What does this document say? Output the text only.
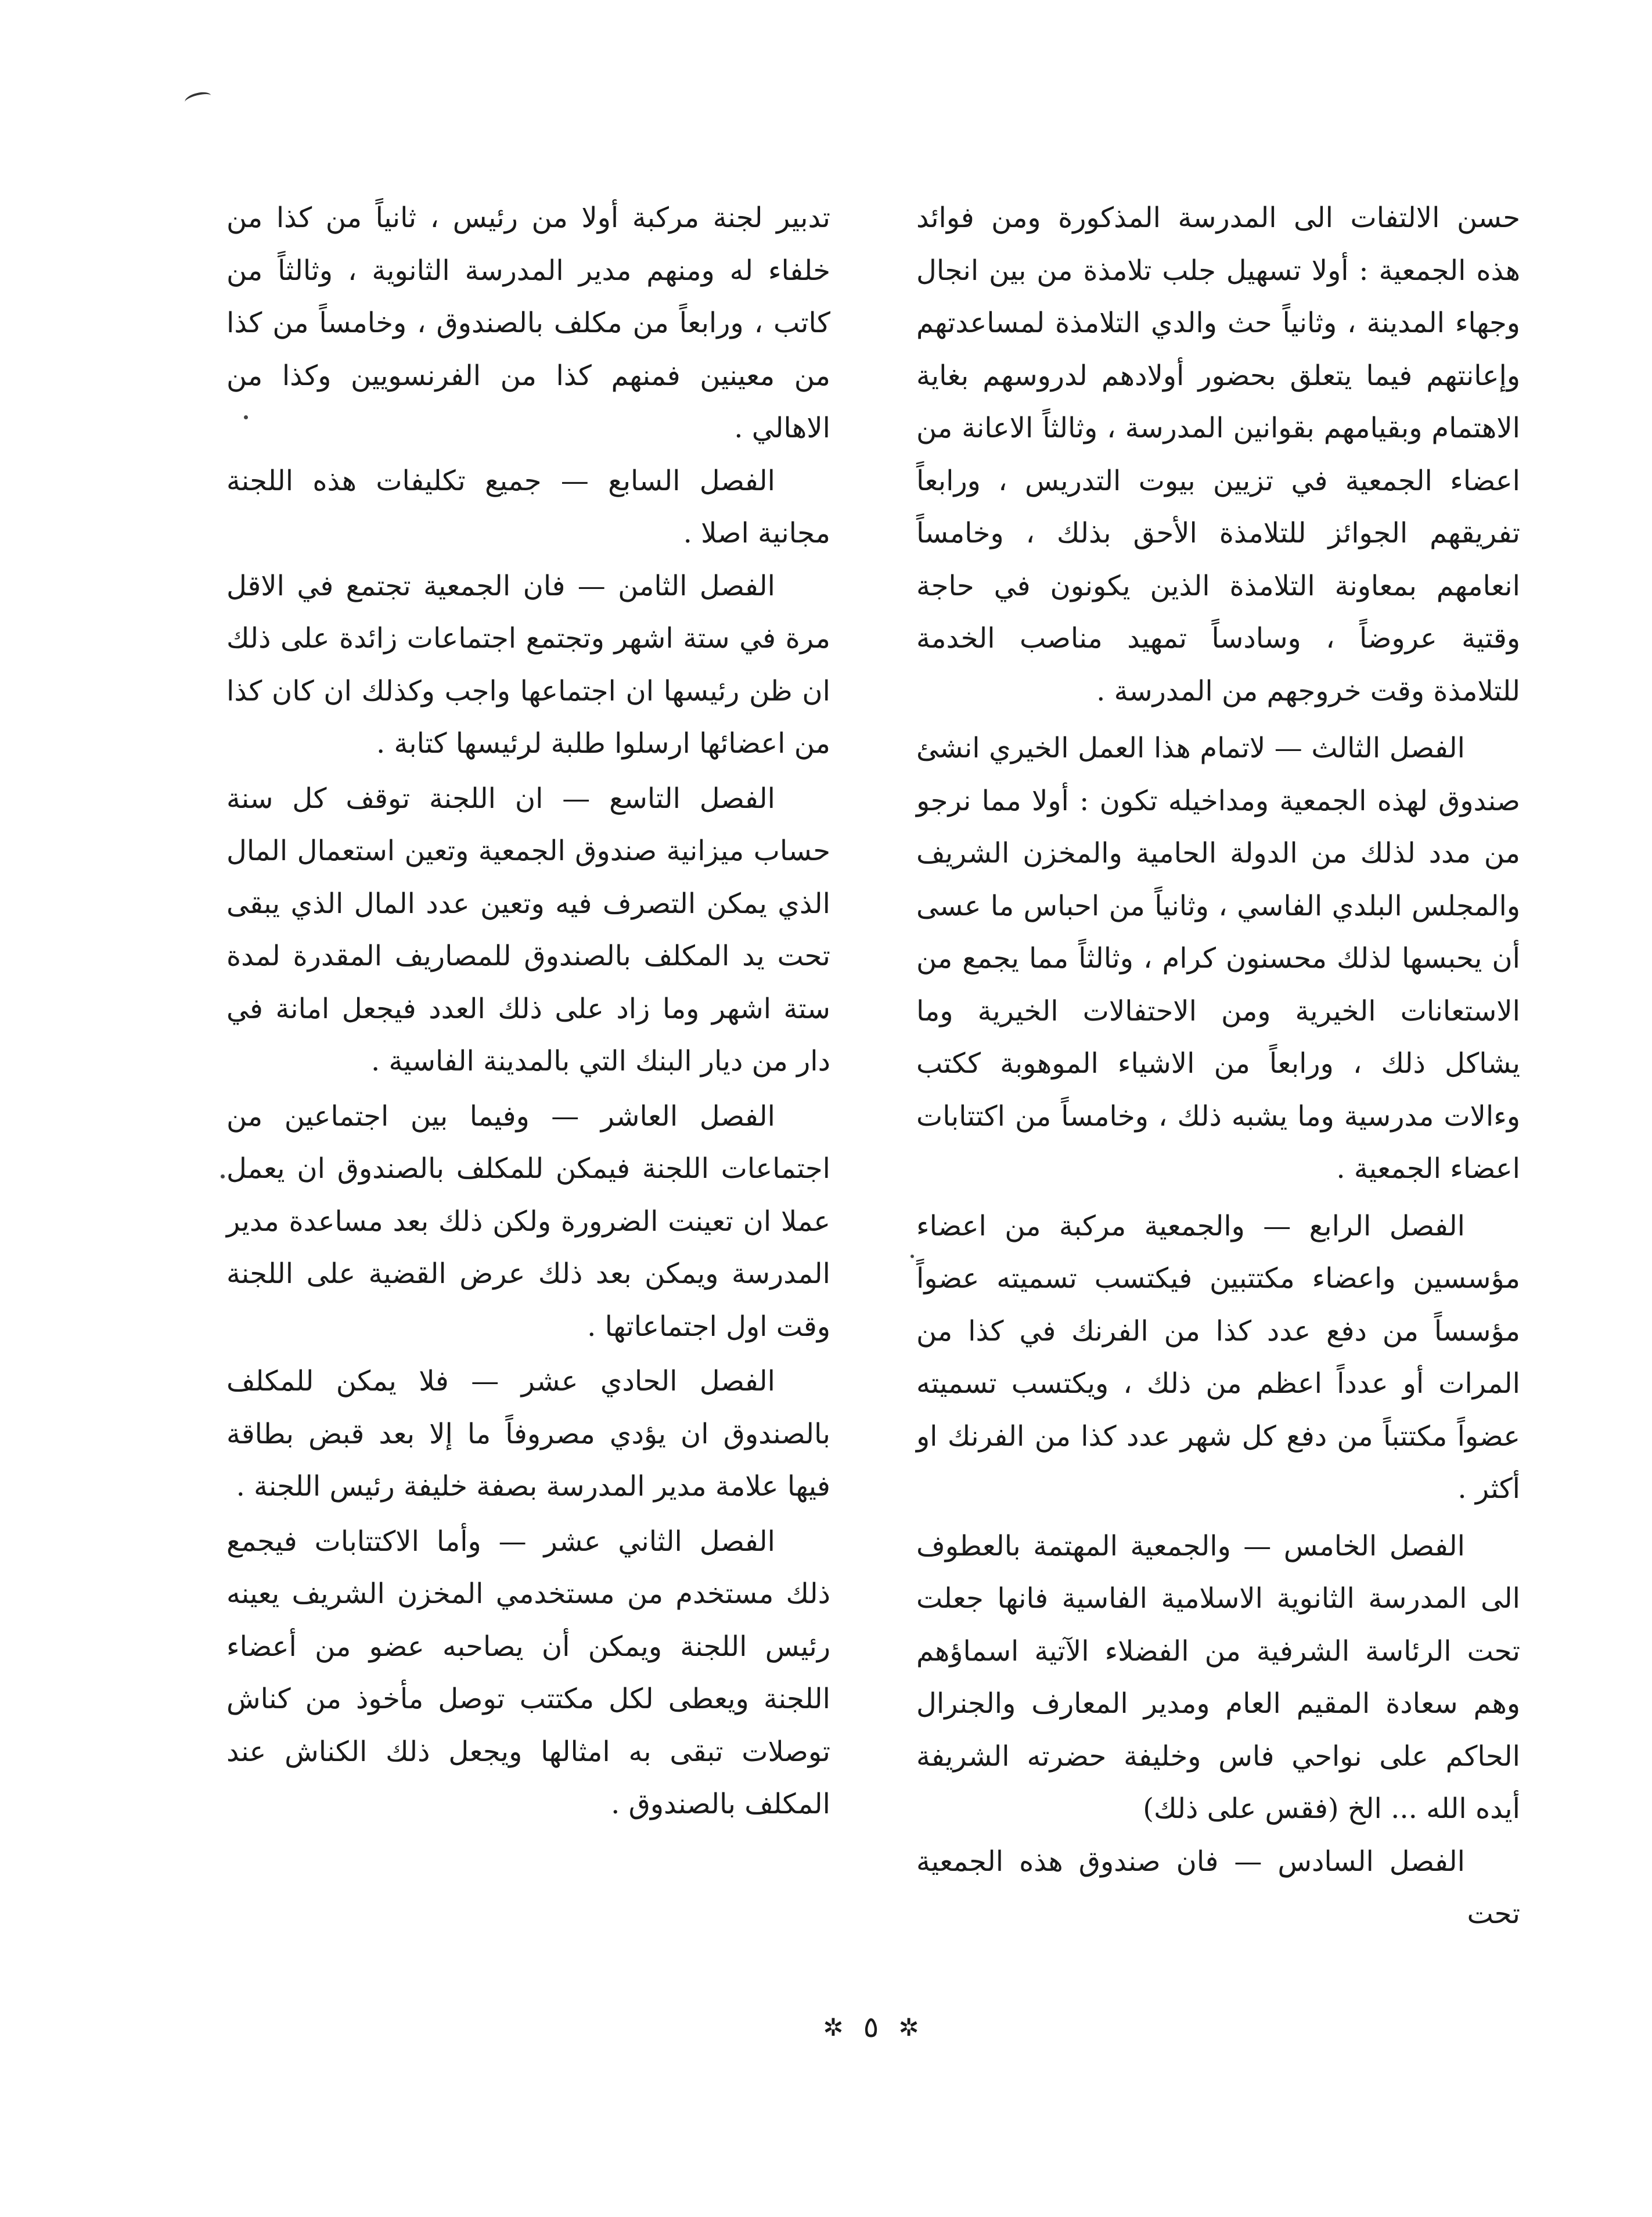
حسن الالتفات الى المدرسة المذكورة ومن فوائد هذه الجمعية : أولا تسهيل جلب تلامذة من بين انجال وجهاء المدينة ، وثانياً حث والدي التلامذة لمساعدتهم وإعانتهم فيما يتعلق بحضور أولادهم لدروسهم بغاية الاهتمام وبقيامهم بقوانين المدرسة ، وثالثاً الاعانة من اعضاء الجمعية في تزيين بيوت التدريس ، ورابعاً تفريقهم الجوائز للتلامذة الأحق بذلك ، وخامساً انعامهم بمعاونة التلامذة الذين يكونون في حاجة وقتية عروضاً ، وسادساً تمهيد مناصب الخدمة للتلامذة وقت خروجهم من المدرسة .

الفصل الثالث — لاتمام هذا العمل الخيري انشئ صندوق لهذه الجمعية ومداخيله تكون : أولا مما نرجو من مدد لذلك من الدولة الحامية والمخزن الشريف والمجلس البلدي الفاسي ، وثانياً من احباس ما عسى أن يحبسها لذلك محسنون كرام ، وثالثاً مما يجمع من الاستعانات الخيرية ومن الاحتفالات الخيرية وما يشاكل ذلك ، ورابعاً من الاشياء الموهوبة ككتب وءالات مدرسية وما يشبه ذلك ، وخامساً من اكتتابات اعضاء الجمعية .

الفصل الرابع — والجمعية مركبة من اعضاء مؤسسين واعضاء مكتتبين فيكتسب تسميته عضواً مؤسساً من دفع عدد كذا من الفرنك في كذا من المرات أو عدداً اعظم من ذلك ، ويكتسب تسميته عضواً مكتتباً من دفع كل شهر عدد كذا من الفرنك او أكثر .

الفصل الخامس — والجمعية المهتمة بالعطوف الى المدرسة الثانوية الاسلامية الفاسية فانها جعلت تحت الرئاسة الشرفية من الفضلاء الآتية اسماؤهم وهم سعادة المقيم العام ومدير المعارف والجنرال الحاكم على نواحي فاس وخليفة حضرته الشريفة أيده الله ... الخ (فقس على ذلك)

الفصل السادس — فان صندوق هذه الجمعية تحت

تدبير لجنة مركبة أولا من رئيس ، ثانياً من كذا من خلفاء له ومنهم مدير المدرسة الثانوية ، وثالثاً من كاتب ، ورابعاً من مكلف بالصندوق ، وخامساً من كذا من معينين فمنهم كذا من الفرنسويين وكذا من الاهالي .

الفصل السابع — جميع تكليفات هذه اللجنة مجانية اصلا .

الفصل الثامن — فان الجمعية تجتمع في الاقل مرة في ستة اشهر وتجتمع اجتماعات زائدة على ذلك ان ظن رئيسها ان اجتماعها واجب وكذلك ان كان كذا من اعضائها ارسلوا طلبة لرئيسها كتابة .

الفصل التاسع — ان اللجنة توقف كل سنة حساب ميزانية صندوق الجمعية وتعين استعمال المال الذي يمكن التصرف فيه وتعين عدد المال الذي يبقى تحت يد المكلف بالصندوق للمصاريف المقدرة لمدة ستة اشهر وما زاد على ذلك العدد فيجعل امانة في دار من ديار البنك التي بالمدينة الفاسية .

الفصل العاشر — وفيما بين اجتماعين من اجتماعات اللجنة فيمكن للمكلف بالصندوق ان يعمل عملا ان تعينت الضرورة ولكن ذلك بعد مساعدة مدير المدرسة ويمكن بعد ذلك عرض القضية على اللجنة وقت اول اجتماعاتها .

الفصل الحادي عشر — فلا يمكن للمكلف بالصندوق ان يؤدي مصروفاً ما إلا بعد قبض بطاقة فيها علامة مدير المدرسة بصفة خليفة رئيس اللجنة .

الفصل الثاني عشر — وأما الاكتتابات فيجمع ذلك مستخدم من مستخدمي المخزن الشريف يعينه رئيس اللجنة ويمكن أن يصاحبه عضو من أعضاء اللجنة ويعطى لكل مكتتب توصل مأخوذ من كناش توصلات تبقى به امثالها ويجعل ذلك الكناش عند المكلف بالصندوق .

✲
٥
✲
